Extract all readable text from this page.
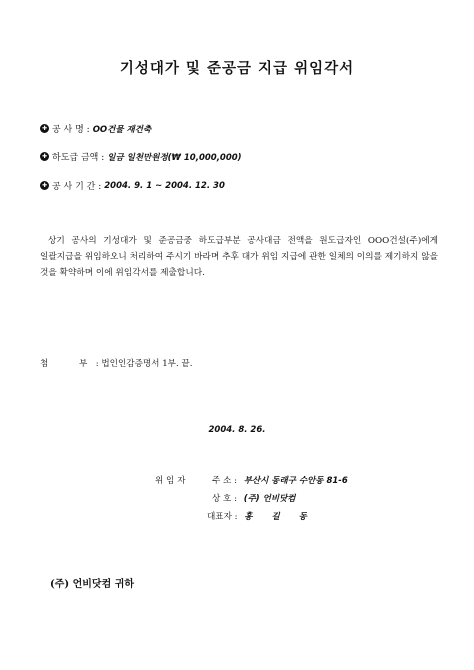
기성대가 및 준공금 지급 위임각서
✚ 공 사 명 : OO건물 재건축
✚ 하도급 금액 : 일금 일천만원정(₩ 10,000,000)
✚ 공 사 기 간 : 2004. 9. 1 ~ 2004. 12. 30
상기 공사의 기성대가 및 준공금중 하도급부분 공사대금 전액을 원도급자인 OOO건설(주)에게 일괄지급을 위임하오니 처리하여 주시기 바라며 추후 대가 위임 지급에 관한 일체의 이의를 제기하지 않을 것을 확약하며 이에 위임각서를 제출합니다.
첨 부 : 법인인감증명서 1부. 끝.
2004. 8. 26.
위 임 자	주 소 : 부산시 동래구 수안동 81-6
상 호 : (주) 언비닷컴
대표자 : 홍 길 동
(주) 언비닷컴 귀하
